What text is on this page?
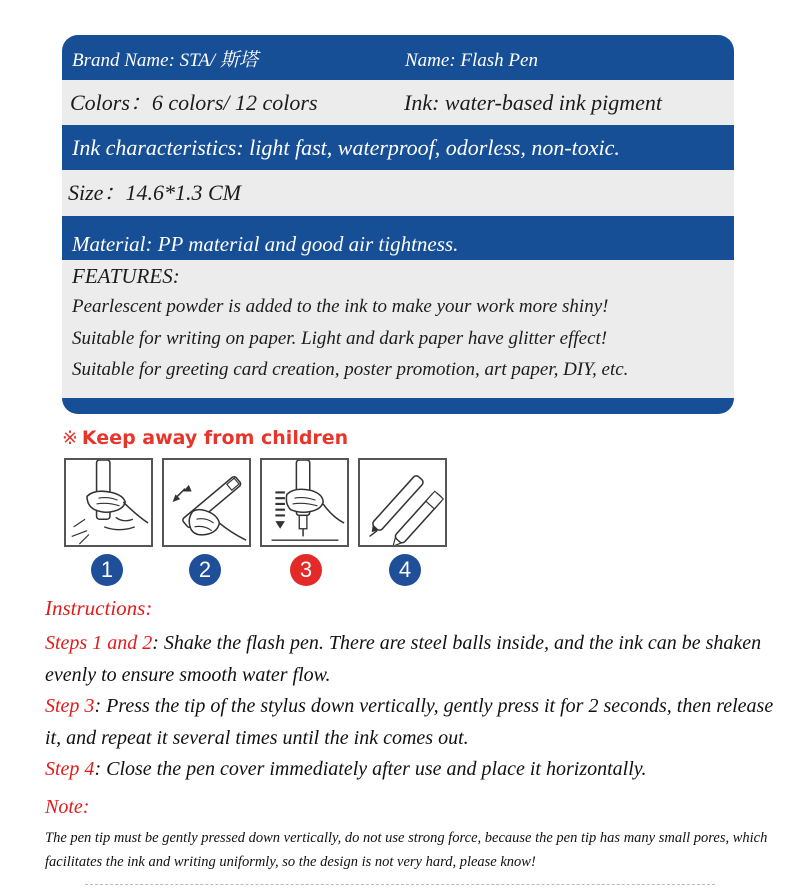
Brand Name: STA/ 斯塔	Name: Flash Pen
Colors：6 colors/ 12 colors	Ink: water-based ink pigment
Ink characteristics: light fast, waterproof, odorless, non-toxic.
Size：14.6*1.3 CM
Material: PP material and good air tightness.
FEATURES:
Pearlescent powder is added to the ink to make your work more shiny!
Suitable for writing on paper. Light and dark paper have glitter effect!
Suitable for greeting card creation, poster promotion, art paper, DIY, etc.
※ Keep away from children
1	2	3	4
Instructions:
Steps 1 and 2: Shake the flash pen. There are steel balls inside, and the ink can be shaken evenly to ensure smooth water flow.
Step 3: Press the tip of the stylus down vertically, gently press it for 2 seconds, then release it, and repeat it several times until the ink comes out.
Step 4: Close the pen cover immediately after use and place it horizontally.
Note:
The pen tip must be gently pressed down vertically, do not use strong force, because the pen tip has many small pores, which facilitates the ink and writing uniformly, so the design is not very hard, please know!
